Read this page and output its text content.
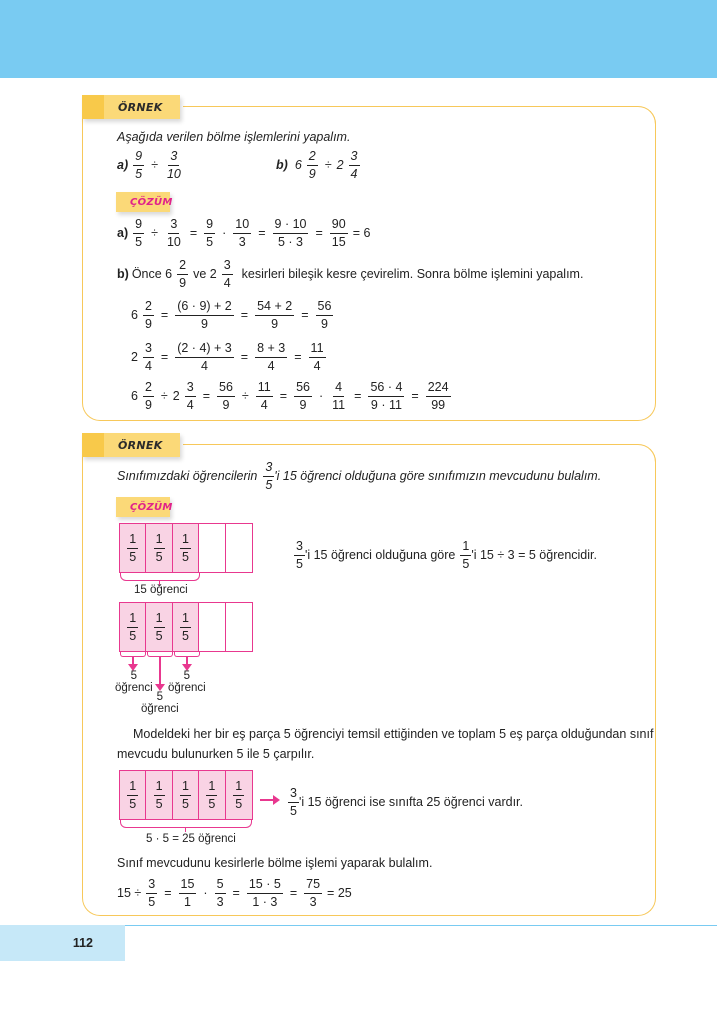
ÖRNEK
Aşağıda verilen bölme işlemlerini yapalım.
$a) \frac{9}{5} \div \frac{3}{10}$	b) $6 \frac{2}{9} \div 2 \frac{3}{4}$
ÇÖZÜM
$a) \frac{9}{5} \div \frac{3}{10} = \frac{9}{5} \cdot \frac{10}{3} = \frac{9 \cdot 10}{5 \cdot 3} = \frac{90}{15} = 6$
b) Önce $6 \frac{2}{9}$ ve $2 \frac{3}{4}$ kesirleri bileşik kesre çevirelim. Sonra bölme işlemini yapalım.
$6 \frac{2}{9} = \frac{(6 \cdot 9) + 2}{9} = \frac{54 + 2}{9} = \frac{56}{9}$
$2 \frac{3}{4} = \frac{(2 \cdot 4) + 3}{4} = \frac{8 + 3}{4} = \frac{11}{4}$
$6 \frac{2}{9} \div 2 \frac{3}{4} = \frac{56}{9} \div \frac{11}{4} = \frac{56}{9} \cdot \frac{4}{11} = \frac{56 \cdot 4}{9 \cdot 11} = \frac{224}{99}$
ÖRNEK
Sınıfımızdaki öğrencilerin $\frac{3}{5}$ 'i 15 öğrenci olduğuna göre sınıfımızın mevcudunu bulalım.
ÇÖZÜM
$\frac{1}{5} \frac{1}{5} \frac{1}{5}$
15 öğrenci
$\frac{3}{5}$ 'i 15 öğrenci olduğuna göre $\frac{1}{5}$ 'i 15 ÷ 3 = 5 öğrencidir.
$\frac{1}{5} \frac{1}{5} \frac{1}{5}$
5
öğrenci
5
öğrenci
5
öğrenci
Modeldeki her bir eş parça 5 öğrenciyi temsil ettiğinden ve toplam 5 eş parça olduğundan sınıf
mevcudu bulunurken 5 ile 5 çarpılır.
$\frac{1}{5} \frac{1}{5} \frac{1}{5} \frac{1}{5} \frac{1}{5}$
5 · 5 = 25 öğrenci
$\frac{3}{5}$ 'i 15 öğrenci ise sınıfta 25 öğrenci vardır.
Sınıf mevcudunu kesirlerle bölme işlemi yaparak bulalım.
$15 \div \frac{3}{5} = \frac{15}{1} \cdot \frac{5}{3} = \frac{15 \cdot 5}{1 \cdot 3} = \frac{75}{3} = 25$
112
